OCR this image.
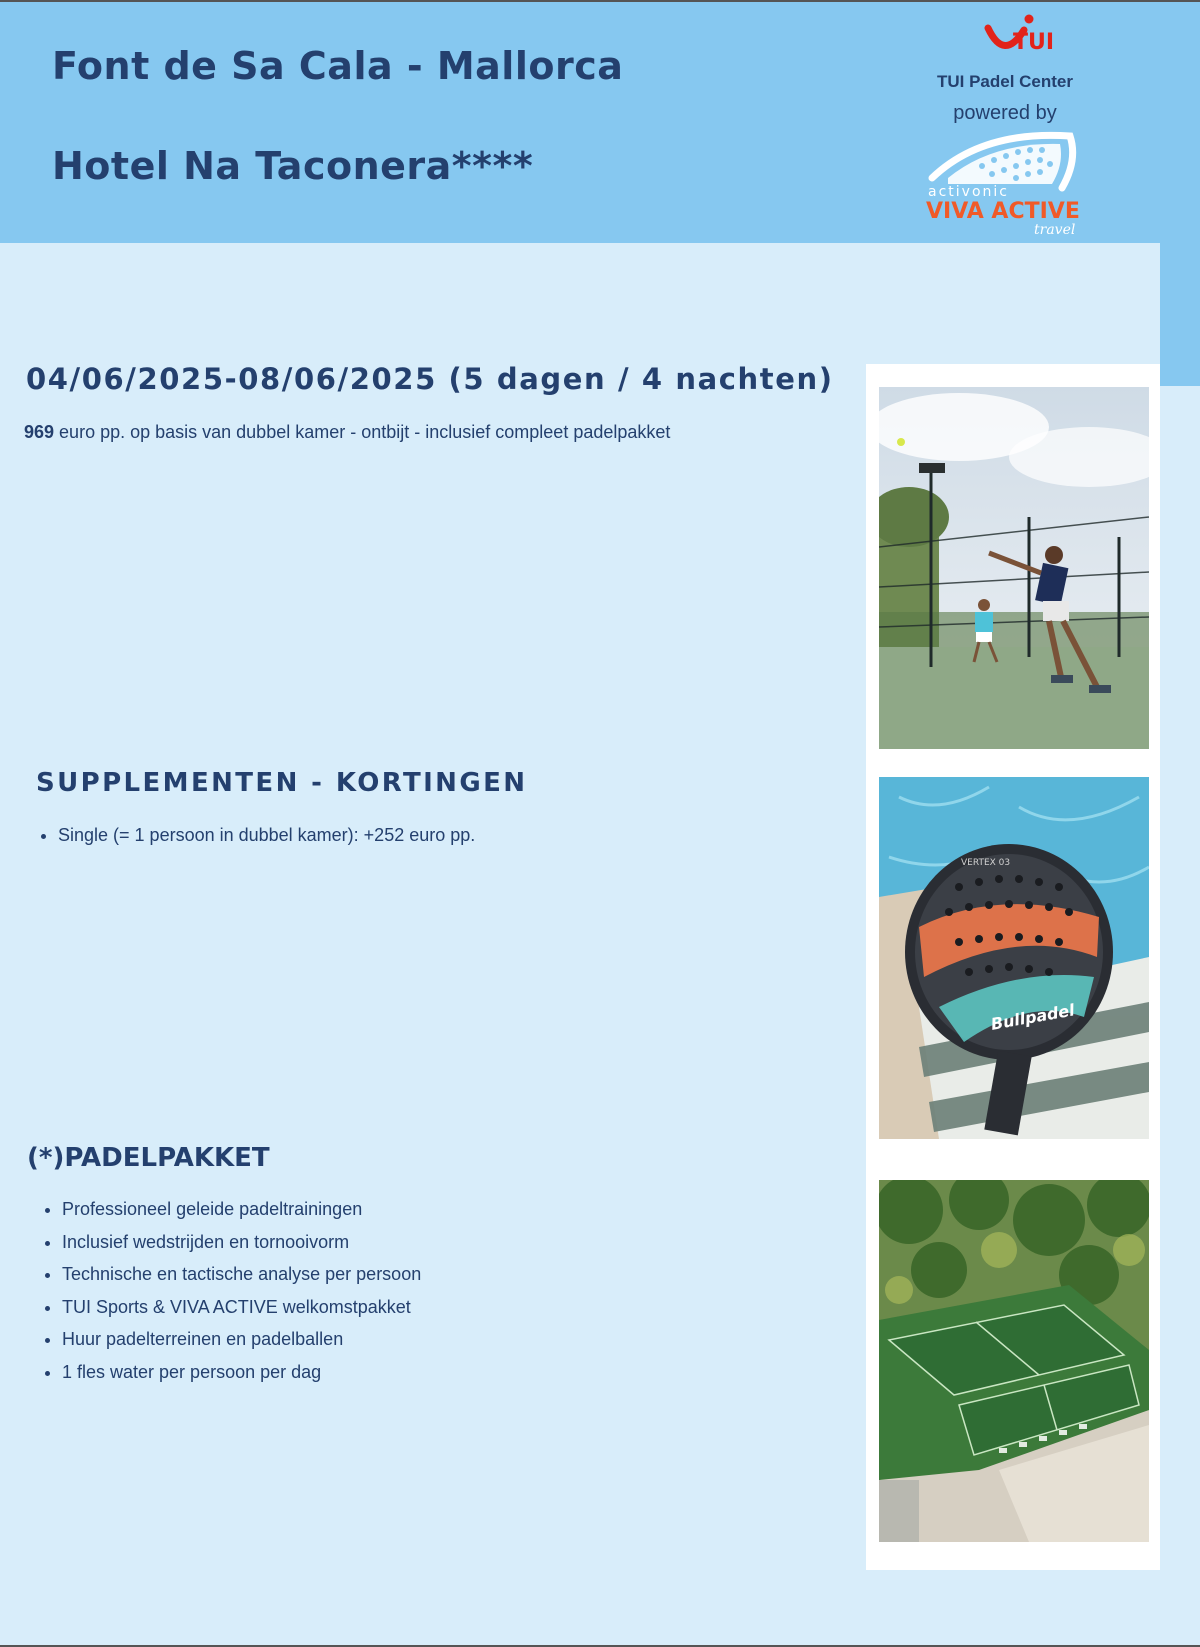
Font de Sa Cala - Mallorca
Hotel Na Taconera****
TUI
TUI Padel Center
powered by
activonic
VIVA ACTIVE
travel
04/06/2025-08/06/2025 (5 dagen / 4 nachten)
969 euro pp. op basis van dubbel kamer - ontbijt - inclusief compleet padelpakket
SUPPLEMENTEN - KORTINGEN
• Single (= 1 persoon in dubbel kamer): +252 euro pp.
(*)PADELPAKKET
• Professioneel geleide padeltrainingen
• Inclusief wedstrijden en tornooivorm
• Technische en tactische analyse per persoon
• TUI Sports & VIVA ACTIVE welkomstpakket
• Huur padelterreinen en padelballen
• 1 fles water per persoon per dag
VERTEX 03
Bullpadel
